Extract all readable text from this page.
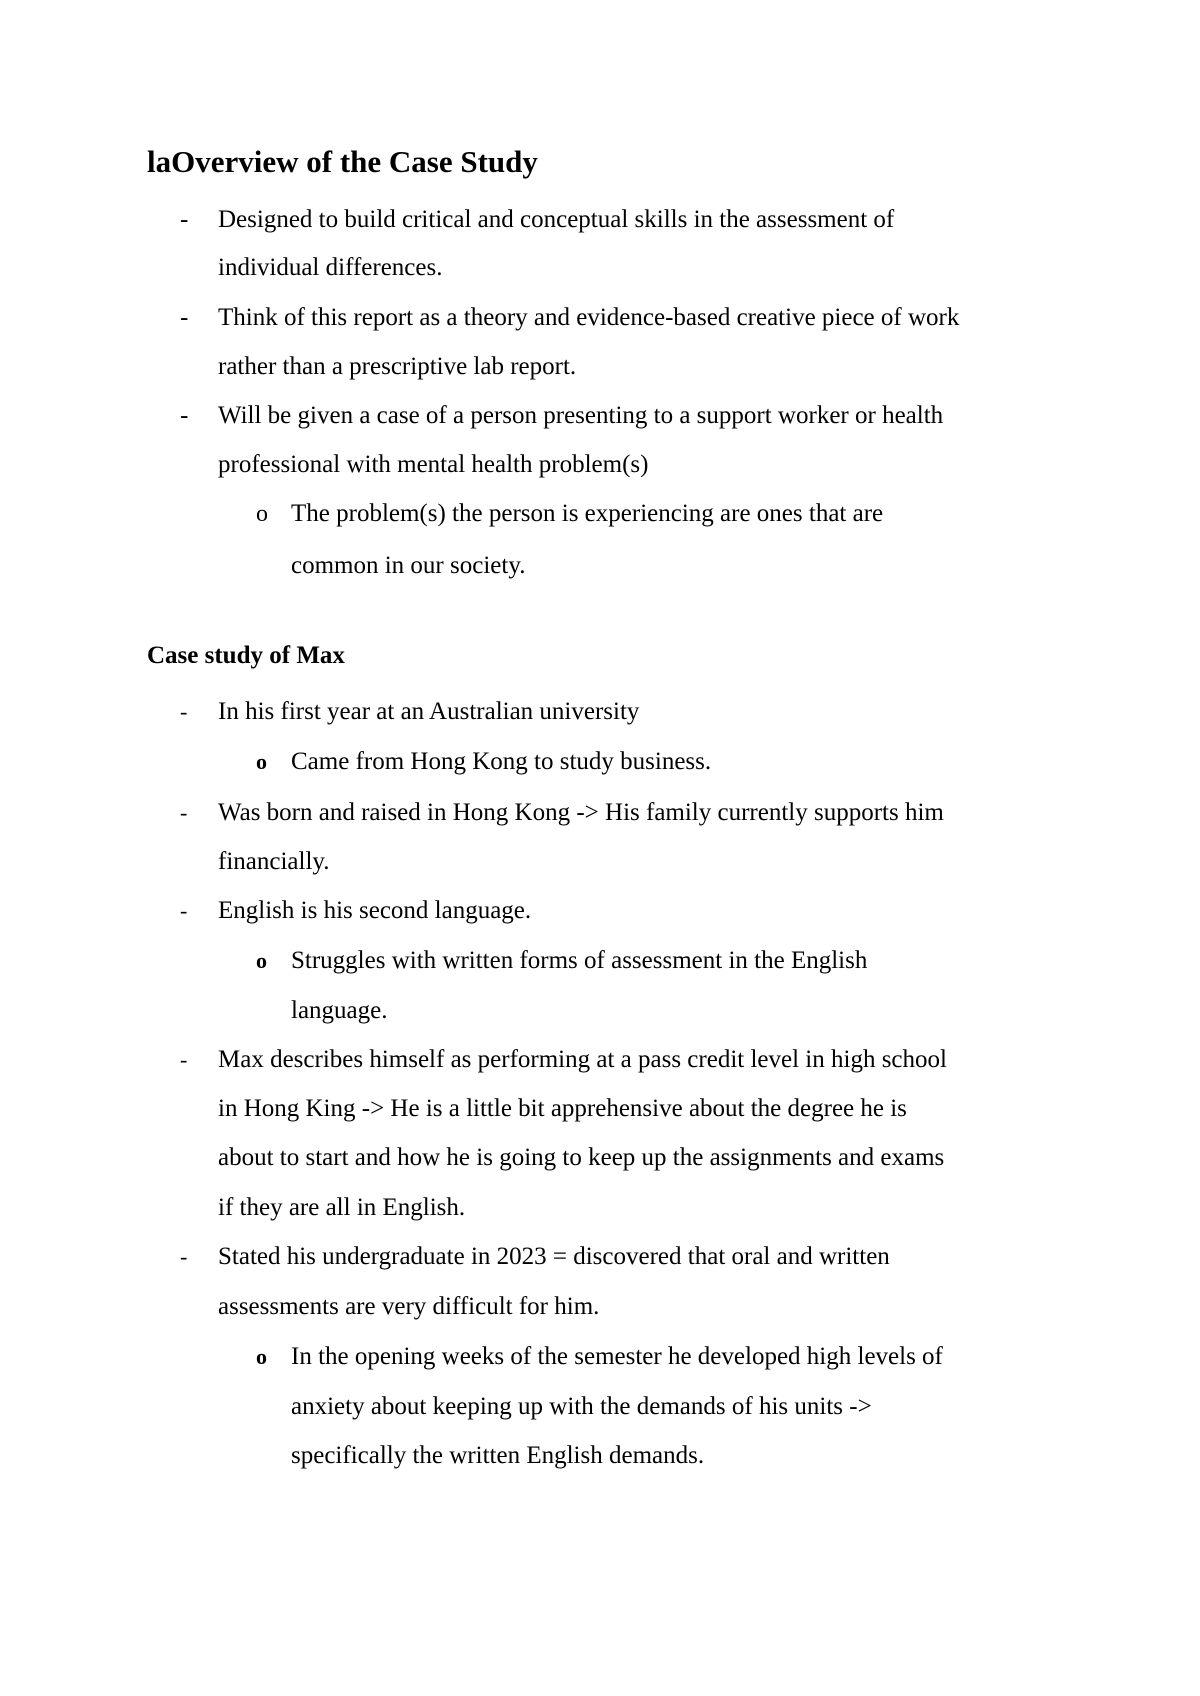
laOverview of the Case Study
- Designed to build critical and conceptual skills in the assessment of
individual differences.
- Think of this report as a theory and evidence-based creative piece of work
rather than a prescriptive lab report.
- Will be given a case of a person presenting to a support worker or health
professional with mental health problem(s)
o The problem(s) the person is experiencing are ones that are
common in our society.
Case study of Max
- In his first year at an Australian university
o Came from Hong Kong to study business.
- Was born and raised in Hong Kong -> His family currently supports him
financially.
- English is his second language.
o Struggles with written forms of assessment in the English
language.
- Max describes himself as performing at a pass credit level in high school
in Hong King -> He is a little bit apprehensive about the degree he is
about to start and how he is going to keep up the assignments and exams
if they are all in English.
- Stated his undergraduate in 2023 = discovered that oral and written
assessments are very difficult for him.
o In the opening weeks of the semester he developed high levels of
anxiety about keeping up with the demands of his units ->
specifically the written English demands.
